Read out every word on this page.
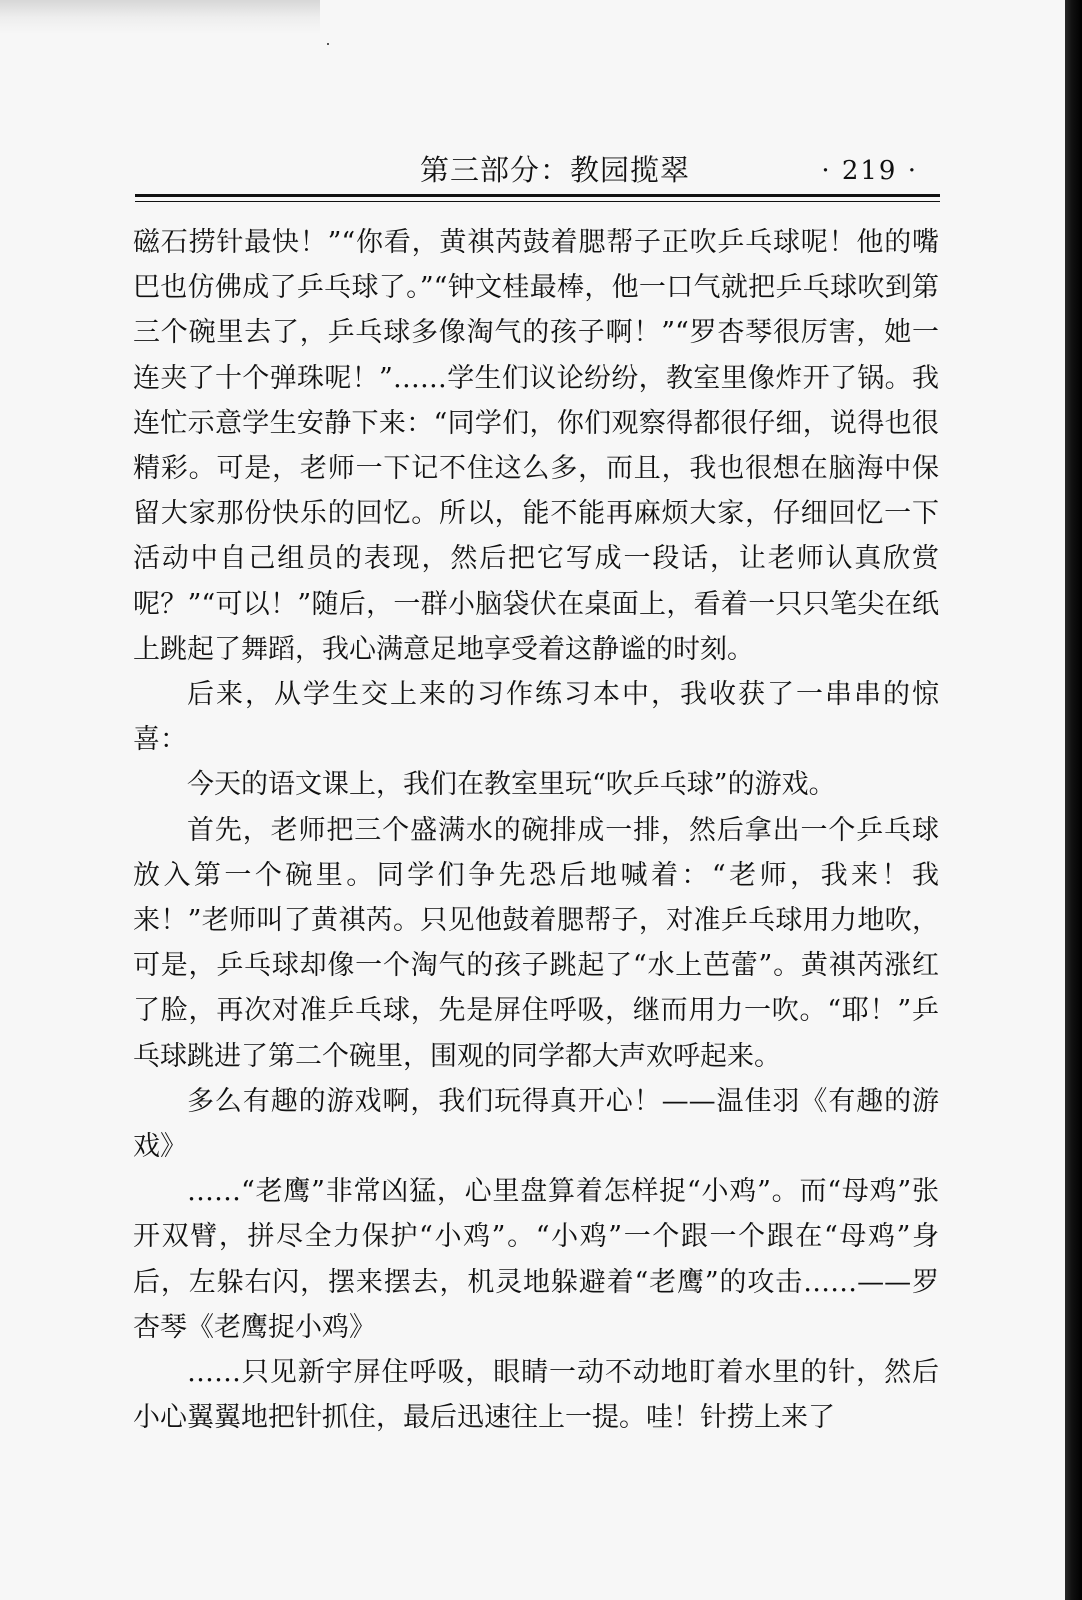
第三部分：教园揽翠	· 219 ·

磁石捞针最快！”“你看，黄祺芮鼓着腮帮子正吹乒乓球呢！他的嘴巴也仿佛成了乒乓球了。”“钟文桂最棒，他一口气就把乒乓球吹到第三个碗里去了，乒乓球多像淘气的孩子啊！”“罗杏琴很厉害，她一连夹了十个弹珠呢！”……学生们议论纷纷，教室里像炸开了锅。我连忙示意学生安静下来：“同学们，你们观察得都很仔细，说得也很精彩。可是，老师一下记不住这么多，而且，我也很想在脑海中保留大家那份快乐的回忆。所以，能不能再麻烦大家，仔细回忆一下活动中自己组员的表现，然后把它写成一段话，让老师认真欣赏呢？”“可以！”随后，一群小脑袋伏在桌面上，看着一只只笔尖在纸上跳起了舞蹈，我心满意足地享受着这静谧的时刻。

后来，从学生交上来的习作练习本中，我收获了一串串的惊喜：

今天的语文课上，我们在教室里玩“吹乒乓球”的游戏。

首先，老师把三个盛满水的碗排成一排，然后拿出一个乒乓球放入第一个碗里。同学们争先恐后地喊着：“老师，我来！我来！”老师叫了黄祺芮。只见他鼓着腮帮子，对准乒乓球用力地吹，可是，乒乓球却像一个淘气的孩子跳起了“水上芭蕾”。黄祺芮涨红了脸，再次对准乒乓球，先是屏住呼吸，继而用力一吹。“耶！”乒乓球跳进了第二个碗里，围观的同学都大声欢呼起来。

多么有趣的游戏啊，我们玩得真开心！——温佳羽《有趣的游戏》

……“老鹰”非常凶猛，心里盘算着怎样捉“小鸡”。而“母鸡”张开双臂，拼尽全力保护“小鸡”。“小鸡”一个跟一个跟在“母鸡”身后，左躲右闪，摆来摆去，机灵地躲避着“老鹰”的攻击……——罗杏琴《老鹰捉小鸡》

……只见新宇屏住呼吸，眼睛一动不动地盯着水里的针，然后小心翼翼地把针抓住，最后迅速往上一提。哇！针捞上来了
